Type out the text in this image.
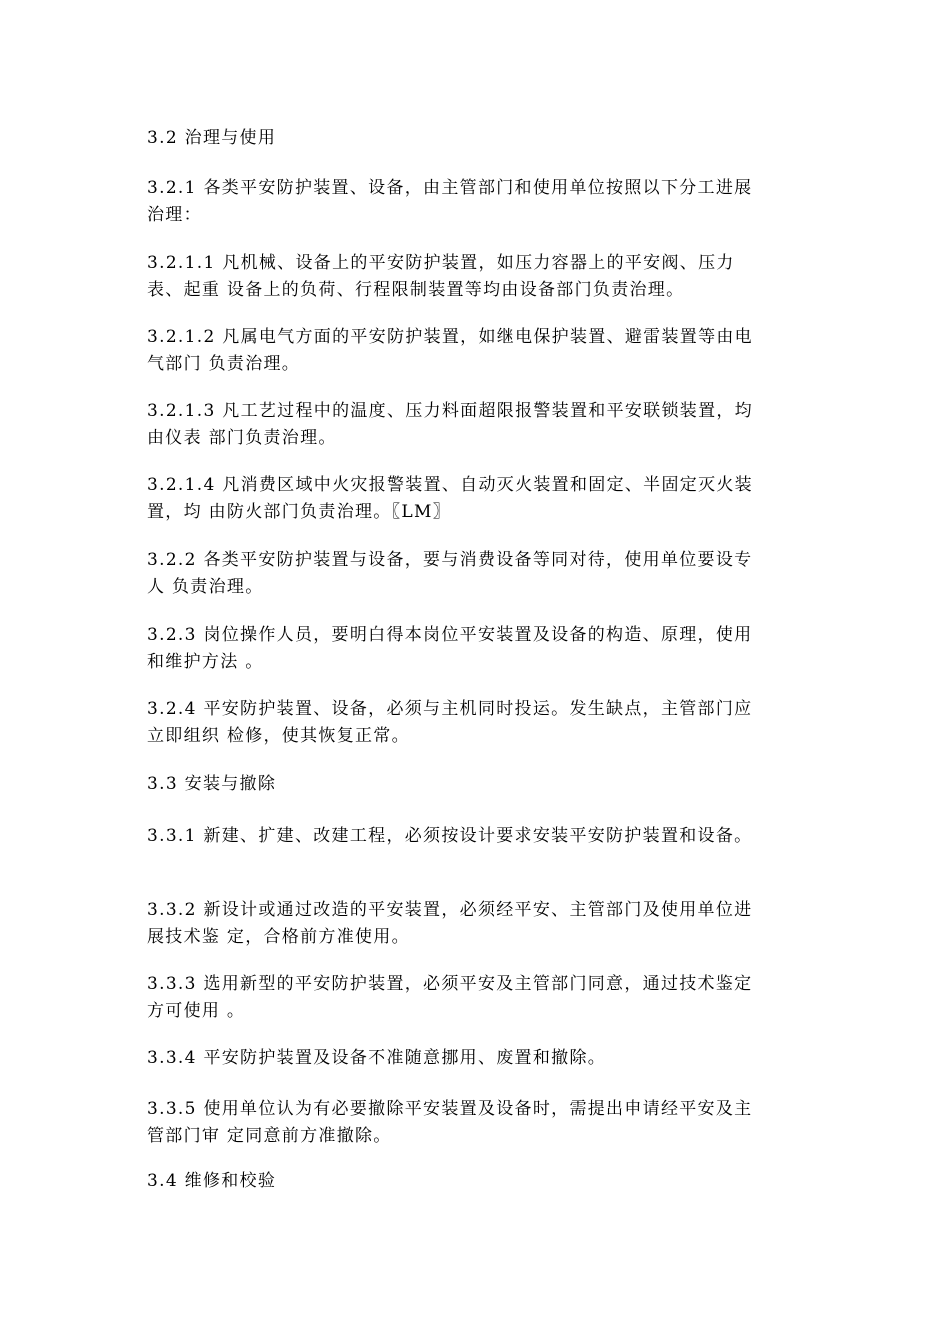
3.2 治理与使用
3.2.1 各类平安防护装置、设备，由主管部门和使用单位按照以下分工进展
治理：
3.2.1.1 凡机械、设备上的平安防护装置，如压力容器上的平安阀、压力
表、起重 设备上的负荷、行程限制装置等均由设备部门负责治理。
3.2.1.2 凡属电气方面的平安防护装置，如继电保护装置、避雷装置等由电
气部门 负责治理。
3.2.1.3 凡工艺过程中的温度、压力料面超限报警装置和平安联锁装置，均
由仪表 部门负责治理。
3.2.1.4 凡消费区域中火灾报警装置、自动灭火装置和固定、半固定灭火装
置，均 由防火部门负责治理。〖LM〗
3.2.2 各类平安防护装置与设备，要与消费设备等同对待，使用单位要设专
人 负责治理。
3.2.3 岗位操作人员，要明白得本岗位平安装置及设备的构造、原理，使用
和维护方法 。
3.2.4 平安防护装置、设备，必须与主机同时投运。发生缺点，主管部门应
立即组织 检修，使其恢复正常。
3.3 安装与撤除
3.3.1 新建、扩建、改建工程，必须按设计要求安装平安防护装置和设备。
3.3.2 新设计或通过改造的平安装置，必须经平安、主管部门及使用单位进
展技术鉴 定，合格前方准使用。
3.3.3 选用新型的平安防护装置，必须平安及主管部门同意，通过技术鉴定
方可使用 。
3.3.4 平安防护装置及设备不准随意挪用、废置和撤除。
3.3.5 使用单位认为有必要撤除平安装置及设备时，需提出申请经平安及主
管部门审 定同意前方准撤除。
3.4 维修和校验
